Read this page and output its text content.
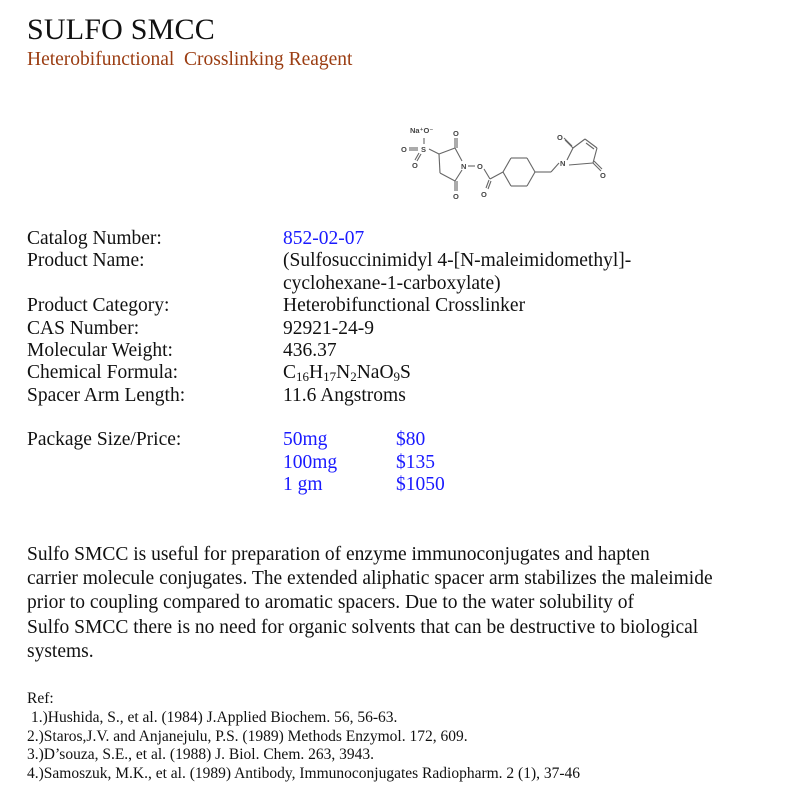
SULFO SMCC
Heterobifunctional  Crosslinking Reagent
Na⁺O⁻
S
O
O
O
O
N O
O
N
O
O
Catalog Number:	852-02-07
Product Name:	(Sulfosuccinimidyl 4-[N-maleimidomethyl]-
cyclohexane-1-carboxylate)
Product Category:	Heterobifunctional Crosslinker
CAS Number:	92921-24-9
Molecular Weight:	436.37
Chemical Formula:	$C_{16}H_{17}N_2NaO_9S$
Spacer Arm Length:	11.6 Angstroms
Package Size/Price:	50mg	$80
100mg	$135
1 gm	$1050
Sulfo SMCC is useful for preparation of enzyme immunoconjugates and hapten
carrier molecule conjugates. The extended aliphatic spacer arm stabilizes the maleimide
prior to coupling compared to aromatic spacers. Due to the water solubility of
Sulfo SMCC there is no need for organic solvents that can be destructive to biological
systems.
Ref:
1.)Hushida, S., et al. (1984) J.Applied Biochem. 56, 56-63.
2.)Staros,J.V. and Anjanejulu, P.S. (1989) Methods Enzymol. 172, 609.
3.)D’souza, S.E., et al. (1988) J. Biol. Chem. 263, 3943.
4.)Samoszuk, M.K., et al. (1989) Antibody, Immunoconjugates Radiopharm. 2 (1), 37-46
